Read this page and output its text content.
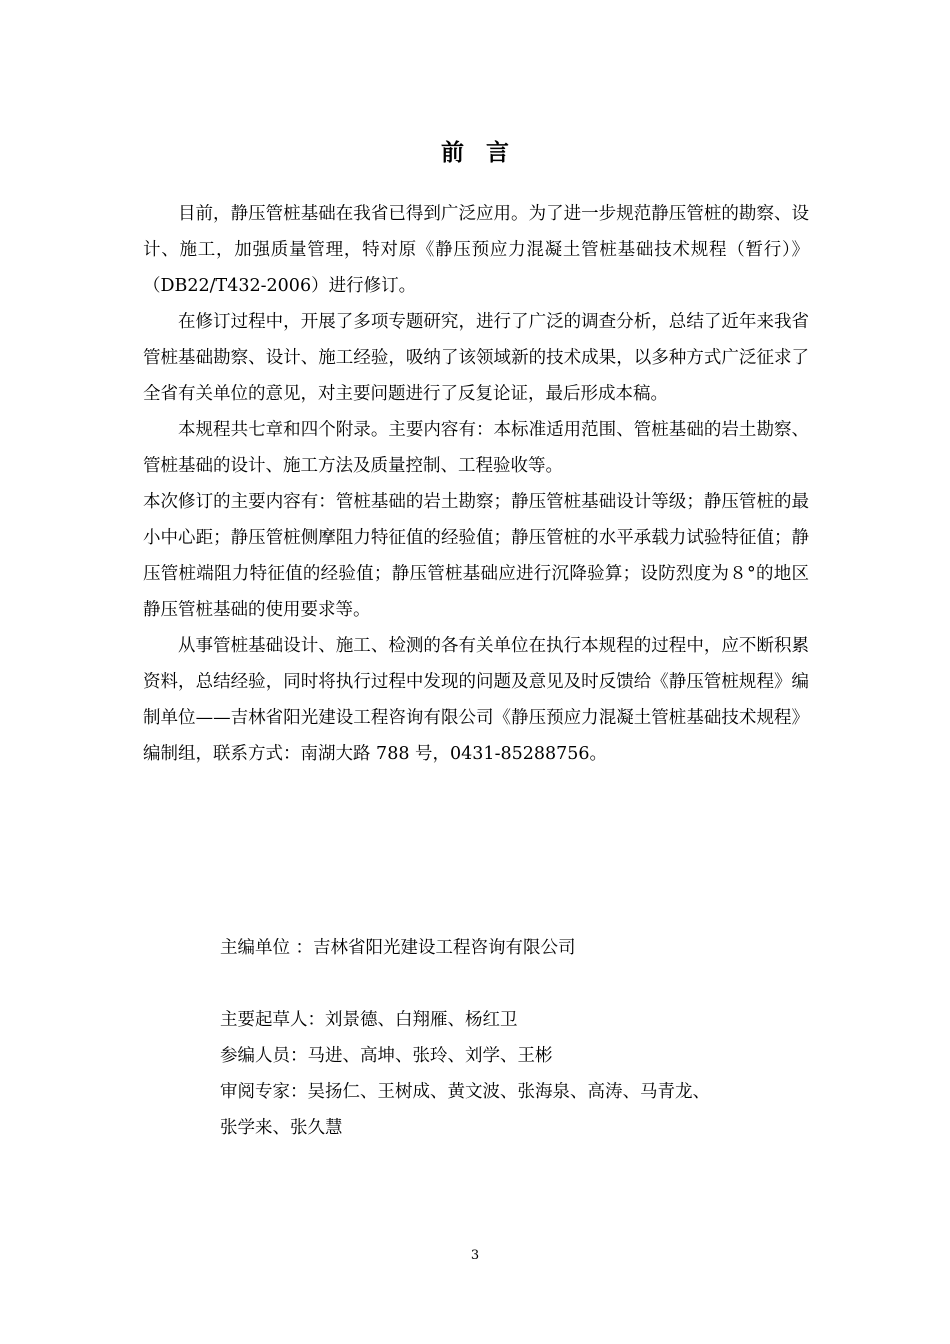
前言

目前，静压管桩基础在我省已得到广泛应用。为了进一步规范静压管桩的勘察、设计、施工，加强质量管理，特对原《静压预应力混凝土管桩基础技术规程（暂行）》（DB22/T432-2006）进行修订。

在修订过程中，开展了多项专题研究，进行了广泛的调查分析，总结了近年来我省管桩基础勘察、设计、施工经验，吸纳了该领域新的技术成果，以多种方式广泛征求了全省有关单位的意见，对主要问题进行了反复论证，最后形成本稿。

本规程共七章和四个附录。主要内容有：本标准适用范围、管桩基础的岩土勘察、管桩基础的设计、施工方法及质量控制、工程验收等。

本次修订的主要内容有：管桩基础的岩土勘察；静压管桩基础设计等级；静压管桩的最小中心距；静压管桩侧摩阻力特征值的经验值；静压管桩的水平承载力试验特征值；静压管桩端阻力特征值的经验值；静压管桩基础应进行沉降验算；设防烈度为８°的地区静压管桩基础的使用要求等。

从事管桩基础设计、施工、检测的各有关单位在执行本规程的过程中，应不断积累资料，总结经验，同时将执行过程中发现的问题及意见及时反馈给《静压管桩规程》编制单位——吉林省阳光建设工程咨询有限公司《静压预应力混凝土管桩基础技术规程》编制组，联系方式：南湖大路 788 号，0431-85288756。

主编单位 ：吉林省阳光建设工程咨询有限公司
主要起草人：刘景德、白翔雁、杨红卫
参编人员：马进、高坤、张玲、刘学、王彬
审阅专家：吴扬仁、王树成、黄文波、张海泉、高涛、马青龙、
张学来、张久慧
3
